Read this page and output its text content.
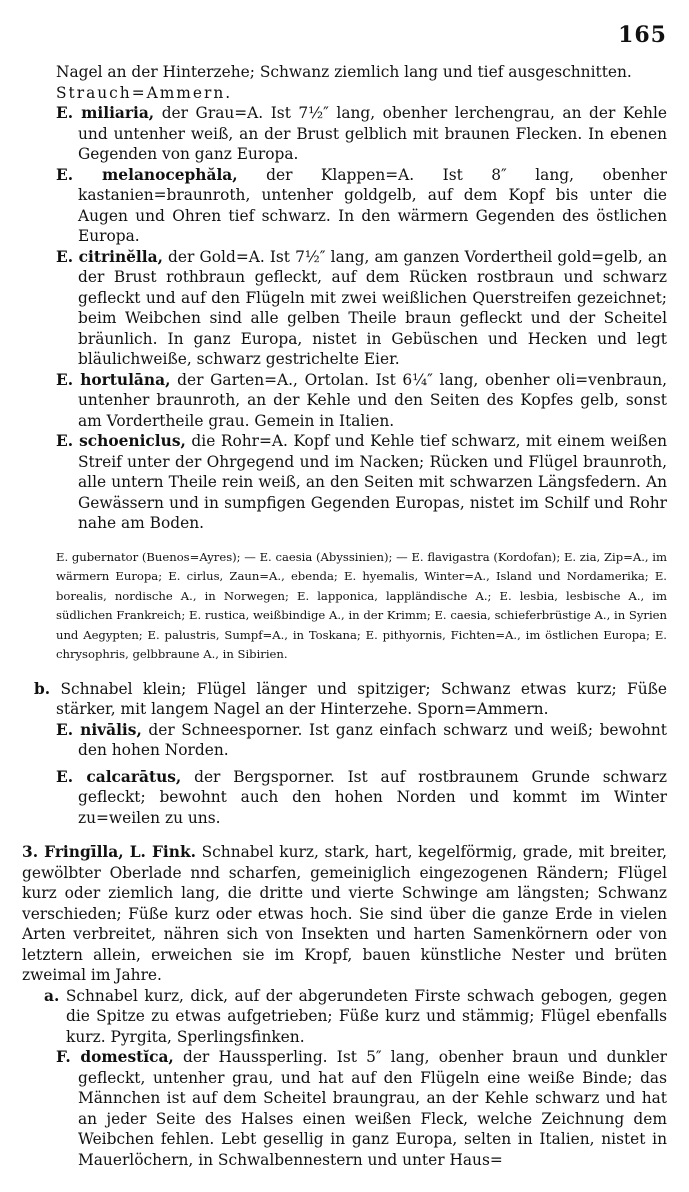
165

Nagel an der Hinterzehe; Schwanz ziemlich lang und tief ausgeschnitten.

Strauch=Ammern.

E. miliaria, der Grau=A. Ist 7½″ lang, obenher lerchengrau, an der Kehle und untenher weiß, an der Brust gelblich mit braunen Flecken. In ebenen Gegenden von ganz Europa.

E. melanocephăla, der Klappen=A. Ist 8″ lang, obenher kastanien=braunroth, untenher goldgelb, auf dem Kopf bis unter die Augen und Ohren tief schwarz. In den wärmern Gegenden des östlichen Europa.

E. citrinĕlla, der Gold=A. Ist 7½″ lang, am ganzen Vordertheil gold=gelb, an der Brust rothbraun gefleckt, auf dem Rücken rostbraun und schwarz gefleckt und auf den Flügeln mit zwei weißlichen Querstreifen gezeichnet; beim Weibchen sind alle gelben Theile braun gefleckt und der Scheitel bräunlich. In ganz Europa, nistet in Gebüschen und Hecken und legt bläulichweiße, schwarz gestrichelte Eier.

E. hortulāna, der Garten=A., Ortolan. Ist 6¼″ lang, obenher oli=venbraun, untenher braunroth, an der Kehle und den Seiten des Kopfes gelb, sonst am Vordertheile grau. Gemein in Italien.

E. schoeniclus, die Rohr=A. Kopf und Kehle tief schwarz, mit einem weißen Streif unter der Ohrgegend und im Nacken; Rücken und Flügel braunroth, alle untern Theile rein weiß, an den Seiten mit schwarzen Längsfedern. An Gewässern und in sumpfigen Gegenden Europas, nistet im Schilf und Rohr nahe am Boden.

E. gubernator (Buenos=Ayres); — E. caesia (Abyssinien); — E. flavigastra (Kordofan); E. zia, Zip=A., im wärmern Europa; E. cirlus, Zaun=A., ebenda; E. hyemalis, Winter=A., Island und Nordamerika; E. borealis, nordische A., in Norwegen; E. lapponica, lappländische A.; E. lesbia, lesbische A., im südlichen Frankreich; E. rustica, weißbindige A., in der Krimm; E. caesia, schieferbrüstige A., in Syrien und Aegypten; E. palustris, Sumpf=A., in Toskana; E. pithyornis, Fichten=A., im östlichen Europa; E. chrysophris, gelbbraune A., in Sibirien.

b. Schnabel klein; Flügel länger und spitziger; Schwanz etwas kurz; Füße stärker, mit langem Nagel an der Hinterzehe. Sporn=Ammern.

E. nivālis, der Schneesporner. Ist ganz einfach schwarz und weiß; bewohnt den hohen Norden.

E. calcarātus, der Bergsporner. Ist auf rostbraunem Grunde schwarz gefleckt; bewohnt auch den hohen Norden und kommt im Winter zu=weilen zu uns.

3. Fringīlla, L. Fink. Schnabel kurz, stark, hart, kegelförmig, grade, mit breiter, gewölbter Oberlade nnd scharfen, gemeiniglich eingezogenen Rändern; Flügel kurz oder ziemlich lang, die dritte und vierte Schwinge am längsten; Schwanz verschieden; Füße kurz oder etwas hoch. Sie sind über die ganze Erde in vielen Arten verbreitet, nähren sich von Insekten und harten Samenkörnern oder von letztern allein, erweichen sie im Kropf, bauen künstliche Nester und brüten zweimal im Jahre.

a. Schnabel kurz, dick, auf der abgerundeten Firste schwach gebogen, gegen die Spitze zu etwas aufgetrieben; Füße kurz und stämmig; Flügel ebenfalls kurz. Pyrgita, Sperlingsfinken.

F. domestĭca, der Haussperling. Ist 5″ lang, obenher braun und dunkler gefleckt, untenher grau, und hat auf den Flügeln eine weiße Binde; das Männchen ist auf dem Scheitel braungrau, an der Kehle schwarz und hat an jeder Seite des Halses einen weißen Fleck, welche Zeichnung dem Weibchen fehlen. Lebt gesellig in ganz Europa, selten in Italien, nistet in Mauerlöchern, in Schwalbennestern und unter Haus=
